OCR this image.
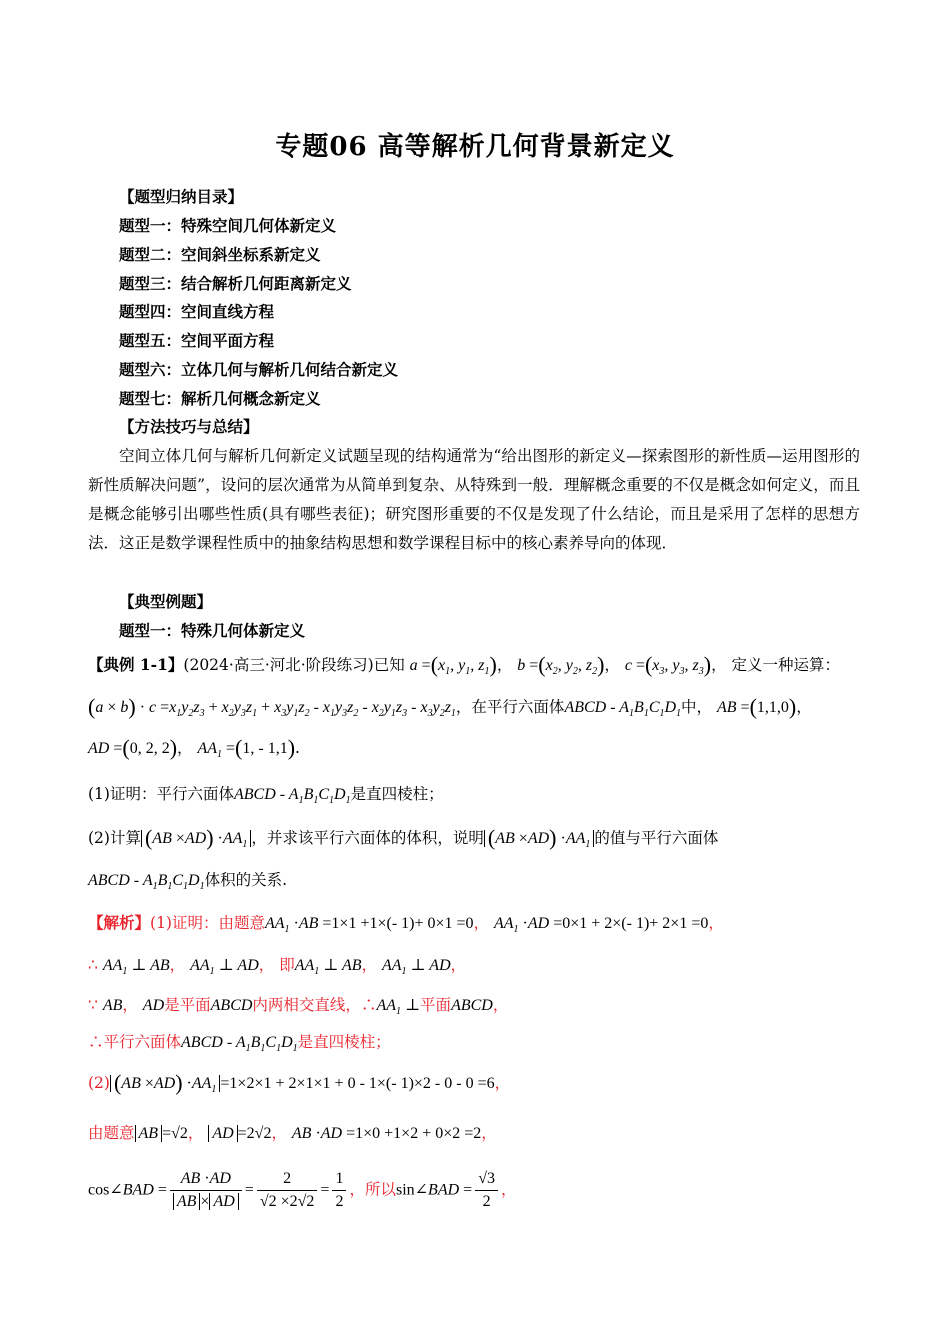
专题06 高等解析几何背景新定义
【题型归纳目录】
题型一：特殊空间几何体新定义
题型二：空间斜坐标系新定义
题型三：结合解析几何距离新定义
题型四：空间直线方程
题型五：空间平面方程
题型六：立体几何与解析几何结合新定义
题型七：解析几何概念新定义
【方法技巧与总结】
空间立体几何与解析几何新定义试题呈现的结构通常为“给出图形的新定义—探索图形的新性质—运用图形的新性质解决问题”，设问的层次通常为从简单到复杂、从特殊到一般．理解概念重要的不仅是概念如何定义，而且是概念能够引出哪些性质(具有哪些表征)；研究图形重要的不仅是发现了什么结论，而且是采用了怎样的思想方法．这正是数学课程性质中的抽象结构思想和数学课程目标中的核心素养导向的体现．
【典型例题】
题型一：特殊几何体新定义
【典例 1-1】(2024·高三·河北·阶段练习)已知 $a =(x_1$, $y_1$, $z_1$)， $b =(x_2$, $y_2$, $z_2$)， $c =(x_3$, $y_3$, $z_3$)， 定义一种运算：
$(a \times b) \cdot c =x_1y_2z_3 + x_2y_3z_1 + x_3y_1z_2 - x_1y_3z_2 - x_2y_1z_3 - x_3y_2z_1$，在平行六面体ABCD - $A_1B_1C_1D_1$中， AB =(1,1,0)，
AD =(0, 2, 2)， $AA_1 =(1$, - 1,1).
(1)证明：平行六面体ABCD - $A_1B_1C_1D_1$是直四棱柱；
(2)计算 $(AB \times AD) \cdot AA_1$ ，并求该平行六面体的体积，说明 $(AB \times AD) \cdot AA_1$ 的值与平行六面体
ABCD - $A_1B_1C_1D_1$体积的关系.
【解析】(1)证明：由题意$AA_1 \cdot AB =1\times 1 +1\times(-$ 1)+ 0×1 =0， $AA_1 \cdot AD =0\times 1 + 2\times(-$ 1)+ 2×1 =0，
∴ $AA_1$ ⊥ AB， $AA_1$ ⊥ AD， 即$AA_1$ ⊥ AB， $AA_1$ ⊥ AD，
∵ AB， AD是平面ABCD内两相交直线，$\therefore AA_1$ ⊥平面ABCD，
∴平行六面体ABCD - $A_1B_1C_1D_1$是直四棱柱；
(2) $(AB \times AD) \cdot AA_1 =1\times 2\times 1 + 2\times 1\times 1 + 0 - 1\times(-$ 1)×2 - 0 - 0 =6，
由题意 AB =√2， AD =2√2， AB ·AD =1×0 +1×2 + 0×2 =2，
cos∠BAD = $\frac{AB \cdot AD}{AB \times AD} = \frac{2}{√2 \times 2√2} = \frac{1}{2}$ ，所以sin∠BAD = $\frac{√3}{2}$ ，
